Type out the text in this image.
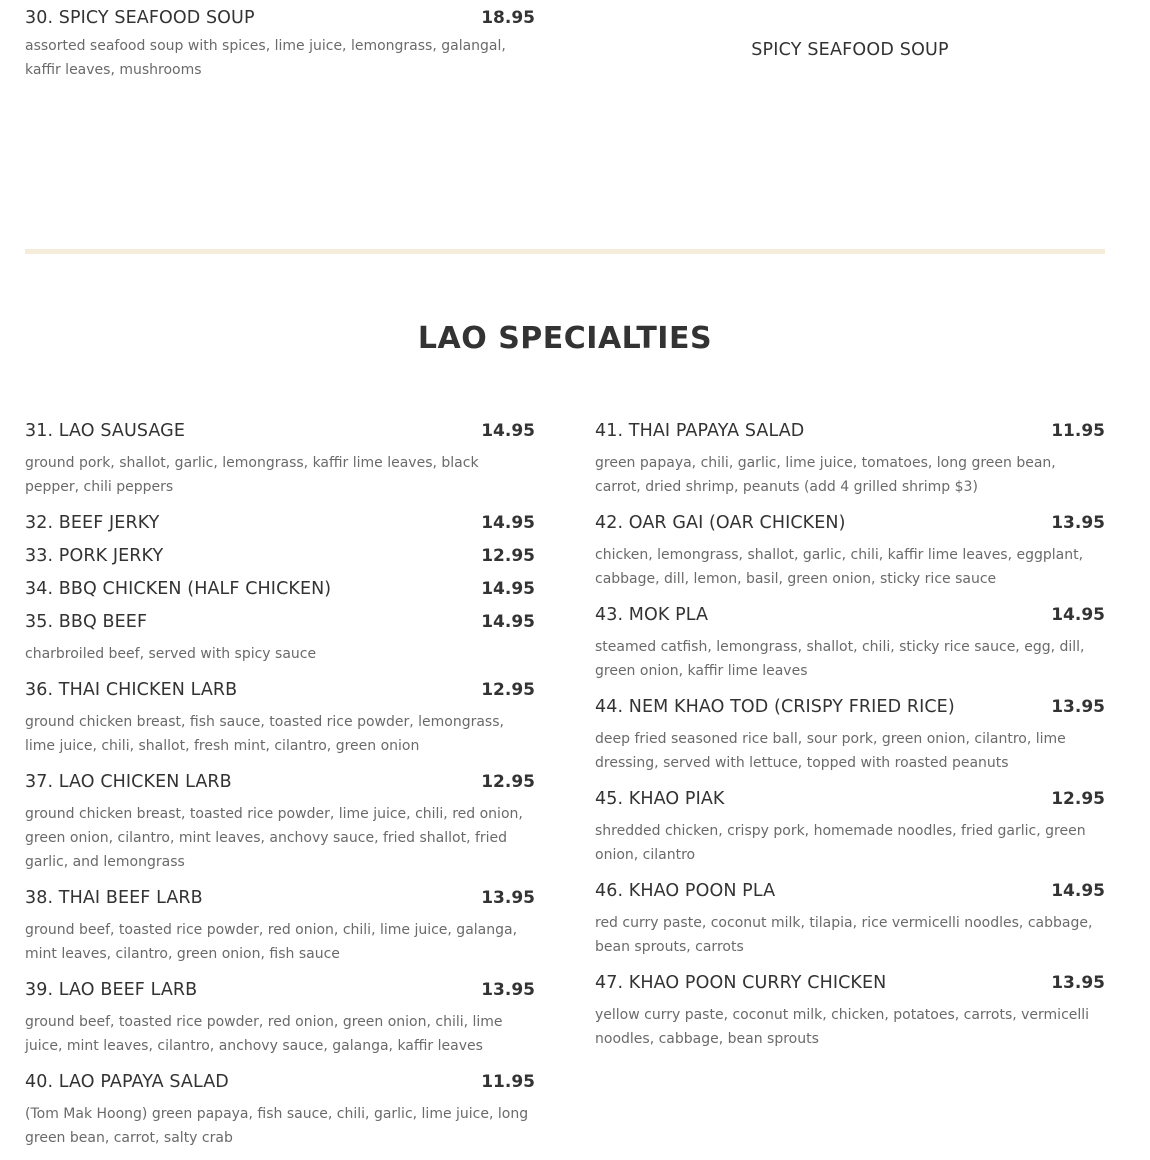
30. SPICY SEAFOOD SOUP	18.95
assorted seafood soup with spices, lime juice, lemongrass, galangal, kaffir leaves, mushrooms
SPICY SEAFOOD SOUP
LAO SPECIALTIES
31. LAO SAUSAGE	14.95
ground pork, shallot, garlic, lemongrass, kaffir lime leaves, black pepper, chili peppers
32. BEEF JERKY	14.95
33. PORK JERKY	12.95
34. BBQ CHICKEN (HALF CHICKEN)	14.95
35. BBQ BEEF	14.95
charbroiled beef, served with spicy sauce
36. THAI CHICKEN LARB	12.95
ground chicken breast, fish sauce, toasted rice powder, lemongrass, lime juice, chili, shallot, fresh mint, cilantro, green onion
37. LAO CHICKEN LARB	12.95
ground chicken breast, toasted rice powder, lime juice, chili, red onion, green onion, cilantro, mint leaves, anchovy sauce, fried shallot, fried garlic, and lemongrass
38. THAI BEEF LARB	13.95
ground beef, toasted rice powder, red onion, chili, lime juice, galanga, mint leaves, cilantro, green onion, fish sauce
39. LAO BEEF LARB	13.95
ground beef, toasted rice powder, red onion, green onion, chili, lime juice, mint leaves, cilantro, anchovy sauce, galanga, kaffir leaves
40. LAO PAPAYA SALAD	11.95
(Tom Mak Hoong) green papaya, fish sauce, chili, garlic, lime juice, long green bean, carrot, salty crab
41. THAI PAPAYA SALAD	11.95
green papaya, chili, garlic, lime juice, tomatoes, long green bean, carrot, dried shrimp, peanuts (add 4 grilled shrimp $3)
42. OAR GAI (OAR CHICKEN)	13.95
chicken, lemongrass, shallot, garlic, chili, kaffir lime leaves, eggplant, cabbage, dill, lemon, basil, green onion, sticky rice sauce
43. MOK PLA	14.95
steamed catfish, lemongrass, shallot, chili, sticky rice sauce, egg, dill, green onion, kaffir lime leaves
44. NEM KHAO TOD (CRISPY FRIED RICE)	13.95
deep fried seasoned rice ball, sour pork, green onion, cilantro, lime dressing, served with lettuce, topped with roasted peanuts
45. KHAO PIAK	12.95
shredded chicken, crispy pork, homemade noodles, fried garlic, green onion, cilantro
46. KHAO POON PLA	14.95
red curry paste, coconut milk, tilapia, rice vermicelli noodles, cabbage, bean sprouts, carrots
47. KHAO POON CURRY CHICKEN	13.95
yellow curry paste, coconut milk, chicken, potatoes, carrots, vermicelli noodles, cabbage, bean sprouts
